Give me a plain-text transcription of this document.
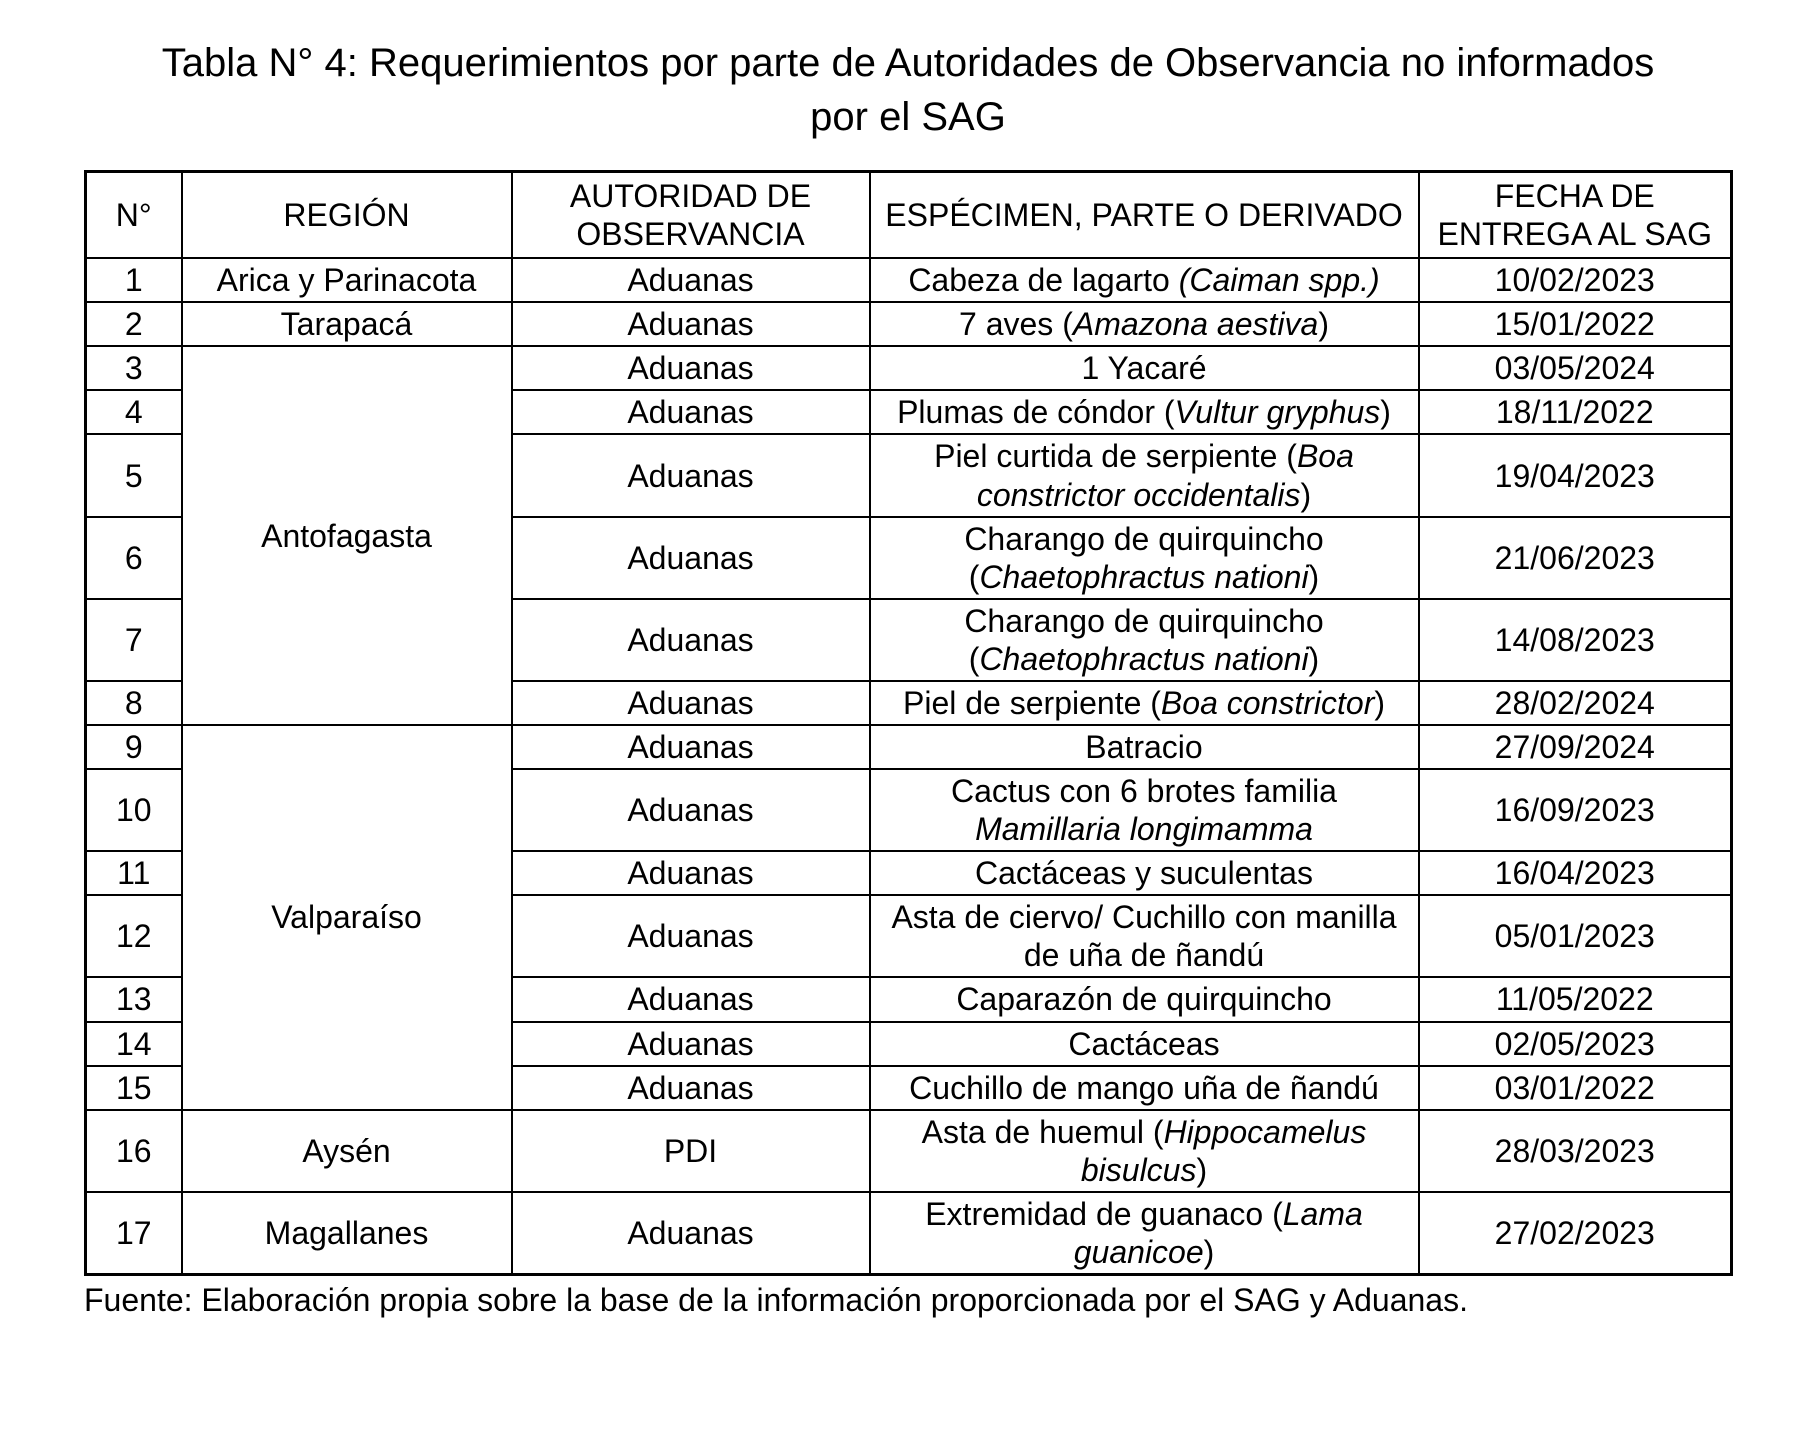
Tabla N° 4: Requerimientos por parte de Autoridades de Observancia no informados por el SAG
N°	REGIÓN	AUTORIDAD DE OBSERVANCIA	ESPÉCIMEN, PARTE O DERIVADO	FECHA DE ENTREGA AL SAG
1	Arica y Parinacota	Aduanas	Cabeza de lagarto (Caiman spp.)	10/02/2023
2	Tarapacá	Aduanas	7 aves (Amazona aestiva)	15/01/2022
3	Antofagasta	Aduanas	1 Yacaré	03/05/2024
4		Aduanas	Plumas de cóndor (Vultur gryphus)	18/11/2022
5		Aduanas	Piel curtida de serpiente (Boa constrictor occidentalis)	19/04/2023
6		Aduanas	Charango de quirquincho (Chaetophractus nationi)	21/06/2023
7		Aduanas	Charango de quirquincho (Chaetophractus nationi)	14/08/2023
8		Aduanas	Piel de serpiente (Boa constrictor)	28/02/2024
9	Valparaíso	Aduanas	Batracio	27/09/2024
10		Aduanas	Cactus con 6 brotes familia Mamillaria longimamma	16/09/2023
11		Aduanas	Cactáceas y suculentas	16/04/2023
12		Aduanas	Asta de ciervo/ Cuchillo con manilla de uña de ñandú	05/01/2023
13		Aduanas	Caparazón de quirquincho	11/05/2022
14		Aduanas	Cactáceas	02/05/2023
15		Aduanas	Cuchillo de mango uña de ñandú	03/01/2022
16	Aysén	PDI	Asta de huemul (Hippocamelus bisulcus)	28/03/2023
17	Magallanes	Aduanas	Extremidad de guanaco (Lama guanicoe)	27/02/2023

Fuente: Elaboración propia sobre la base de la información proporcionada por el SAG y Aduanas.
